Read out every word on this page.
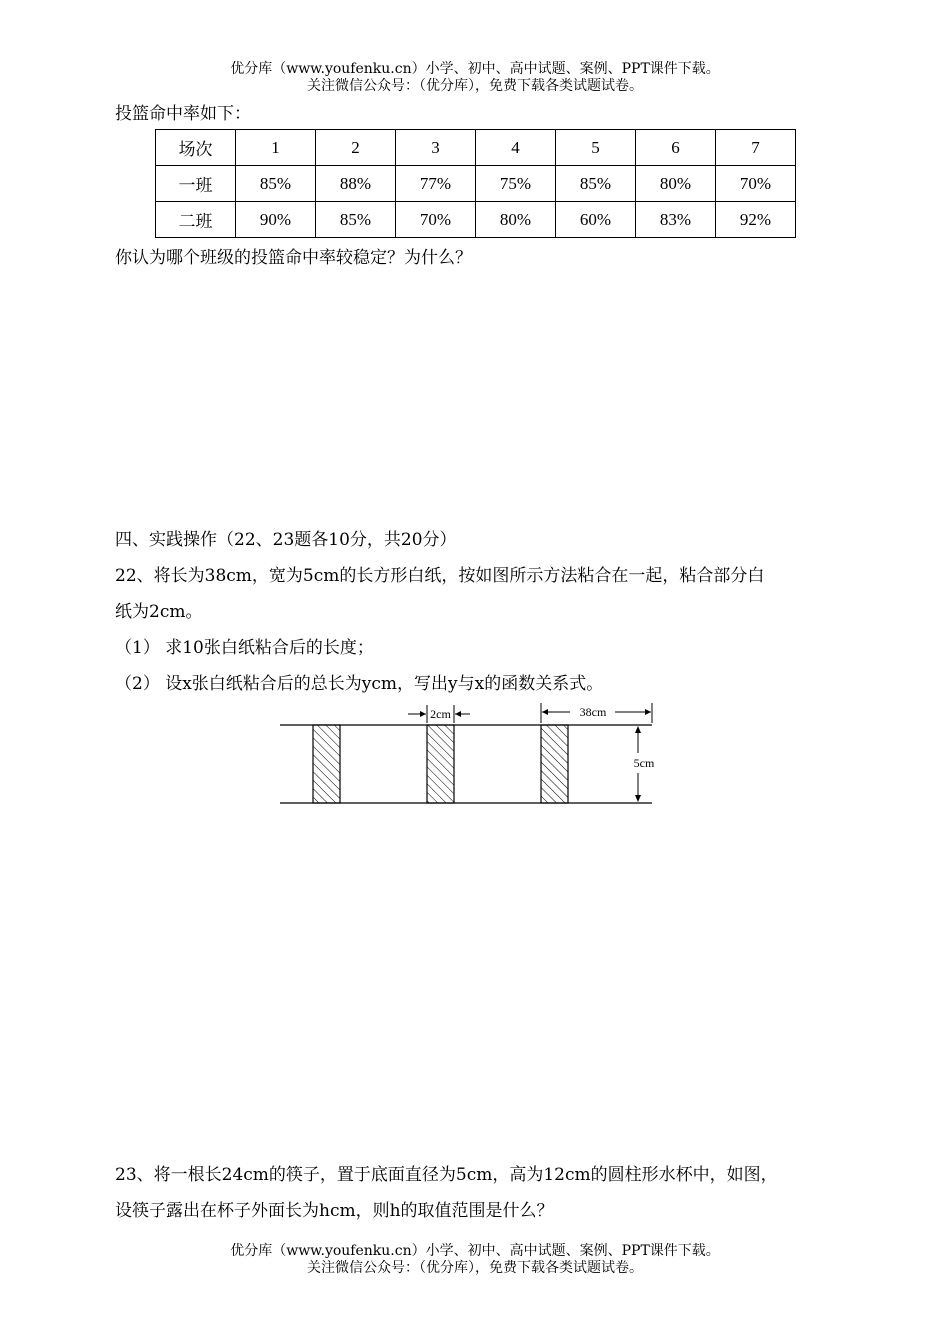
优分库（www.youfenku.cn）小学、初中、高中试题、案例、PPT课件下载。
关注微信公众号：（优分库），免费下载各类试题试卷。
投篮命中率如下：
场次	1	2	3	4	5	6	7
一班	85%	88%	77%	75%	85%	80%	70%
二班	90%	85%	70%	80%	60%	83%	92%
你认为哪个班级的投篮命中率较稳定？为什么？
四、实践操作（22、23题各10分，共20分）
22、将长为38cm，宽为5cm的长方形白纸，按如图所示方法粘合在一起，粘合部分白
纸为2cm。
（1） 求10张白纸粘合后的长度；
（2） 设x张白纸粘合后的总长为ycm，写出y与x的函数关系式。
2cm	38cm
5cm
23、将一根长24cm的筷子，置于底面直径为5cm，高为12cm的圆柱形水杯中，如图，
设筷子露出在杯子外面长为hcm，则h的取值范围是什么？
优分库（www.youfenku.cn）小学、初中、高中试题、案例、PPT课件下载。
关注微信公众号：（优分库），免费下载各类试题试卷。
